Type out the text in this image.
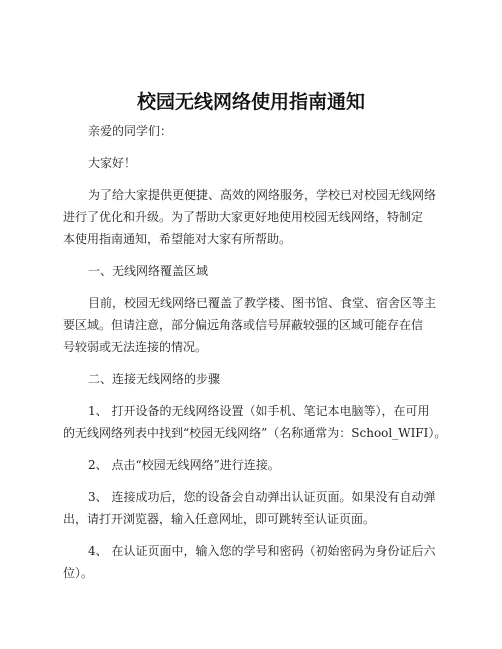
校园无线网络使用指南通知
亲爱的同学们：
大家好！
为了给大家提供更便捷、高效的网络服务，学校已对校园无线网络
进行了优化和升级。为了帮助大家更好地使用校园无线网络，特制定
本使用指南通知，希望能对大家有所帮助。
一、无线网络覆盖区域
目前，校园无线网络已覆盖了教学楼、图书馆、食堂、宿舍区等主
要区域。但请注意，部分偏远角落或信号屏蔽较强的区域可能存在信
号较弱或无法连接的情况。
二、连接无线网络的步骤
1、 打开设备的无线网络设置（如手机、笔记本电脑等），在可用
的无线网络列表中找到“校园无线网络”（名称通常为：School_WIFI）。
2、 点击“校园无线网络”进行连接。
3、 连接成功后，您的设备会自动弹出认证页面。如果没有自动弹
出，请打开浏览器，输入任意网址，即可跳转至认证页面。
4、 在认证页面中，输入您的学号和密码（初始密码为身份证后六
位）。
